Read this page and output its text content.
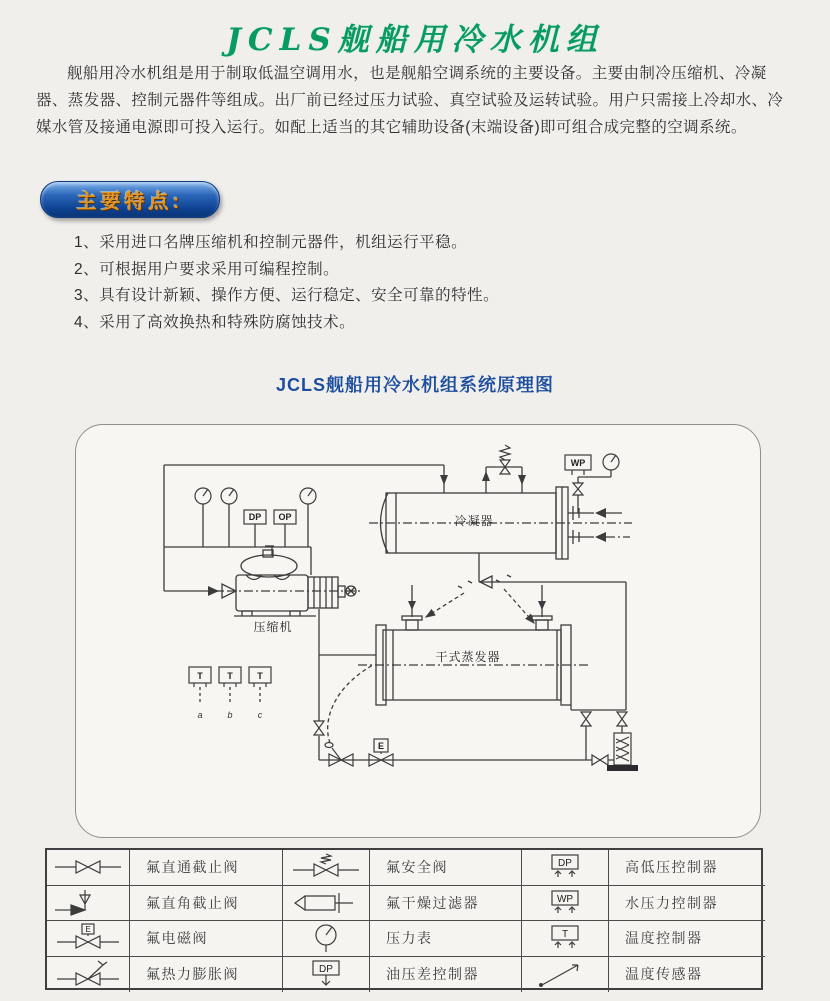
JCLS舰船用冷水机组

舰船用冷水机组是用于制取低温空调用水，也是舰船空调系统的主要设备。主要由制冷压缩机、冷凝器、蒸发器、控制元器件等组成。出厂前已经过压力试验、真空试验及运转试验。用户只需接上冷却水、冷媒水管及接通电源即可投入运行。如配上适当的其它辅助设备(末端设备)即可组合成完整的空调系统。

主要特点:
1、采用进口名牌压缩机和控制元器件，机组运行平稳。
2、可根据用户要求采用可编程控制。
3、具有设计新颖、操作方便、运行稳定、安全可靠的特性。
4、采用了高效换热和特殊防腐蚀技术。
JCLS舰船用冷水机组系统原理图
冷凝器
WP
DP OP
压缩机
干式蒸发器
T	T	T
a	b	c
E
氟直通截止阀	氟安全阀	DP	高低压控制器
氟直角截止阀	氟干燥过滤器	WP	水压力控制器
E
氟电磁阀	压力表	T	温度控制器
氟热力膨胀阀	DP	油压差控制器	温度传感器
